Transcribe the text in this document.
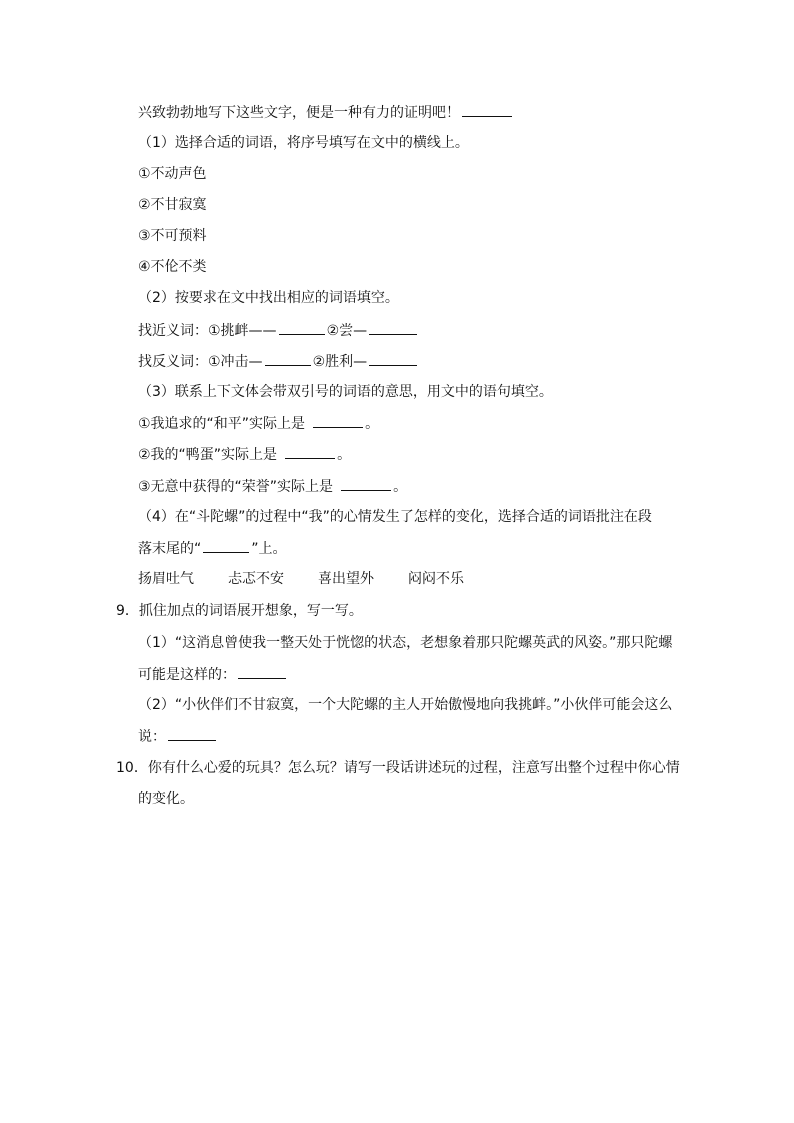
兴致勃勃地写下这些文字，便是一种有力的证明吧！
（1）选择合适的词语，将序号填写在文中的横线上。
①不动声色
②不甘寂寞
③不可预料
④不伦不类
（2）按要求在文中找出相应的词语填空。
找近义词：①挑衅——	②尝—
找反义词：①冲击—	②胜利—
（3）联系上下文体会带双引号的词语的意思，用文中的语句填空。
①我追求的“和平”实际上是	。
②我的“鸭蛋”实际上是	。
③无意中获得的“荣誉”实际上是	。
（4）在“斗陀螺”的过程中“我”的心情发生了怎样的变化，选择合适的词语批注在段
落末尾的“	”上。
扬眉吐气 忐忑不安 喜出望外 闷闷不乐
9．抓住加点的词语展开想象，写一写。
（1）“这消息曾使我一整天处于恍惚的状态，老想象着那只陀螺英武的风姿。”那只陀螺
可能是这样的：
（2）“小伙伴们不甘寂寞，一个大陀螺的主人开始傲慢地向我挑衅。”小伙伴可能会这么
说：
10．你有什么心爱的玩具？怎么玩？请写一段话讲述玩的过程，注意写出整个过程中你心情
的变化。
